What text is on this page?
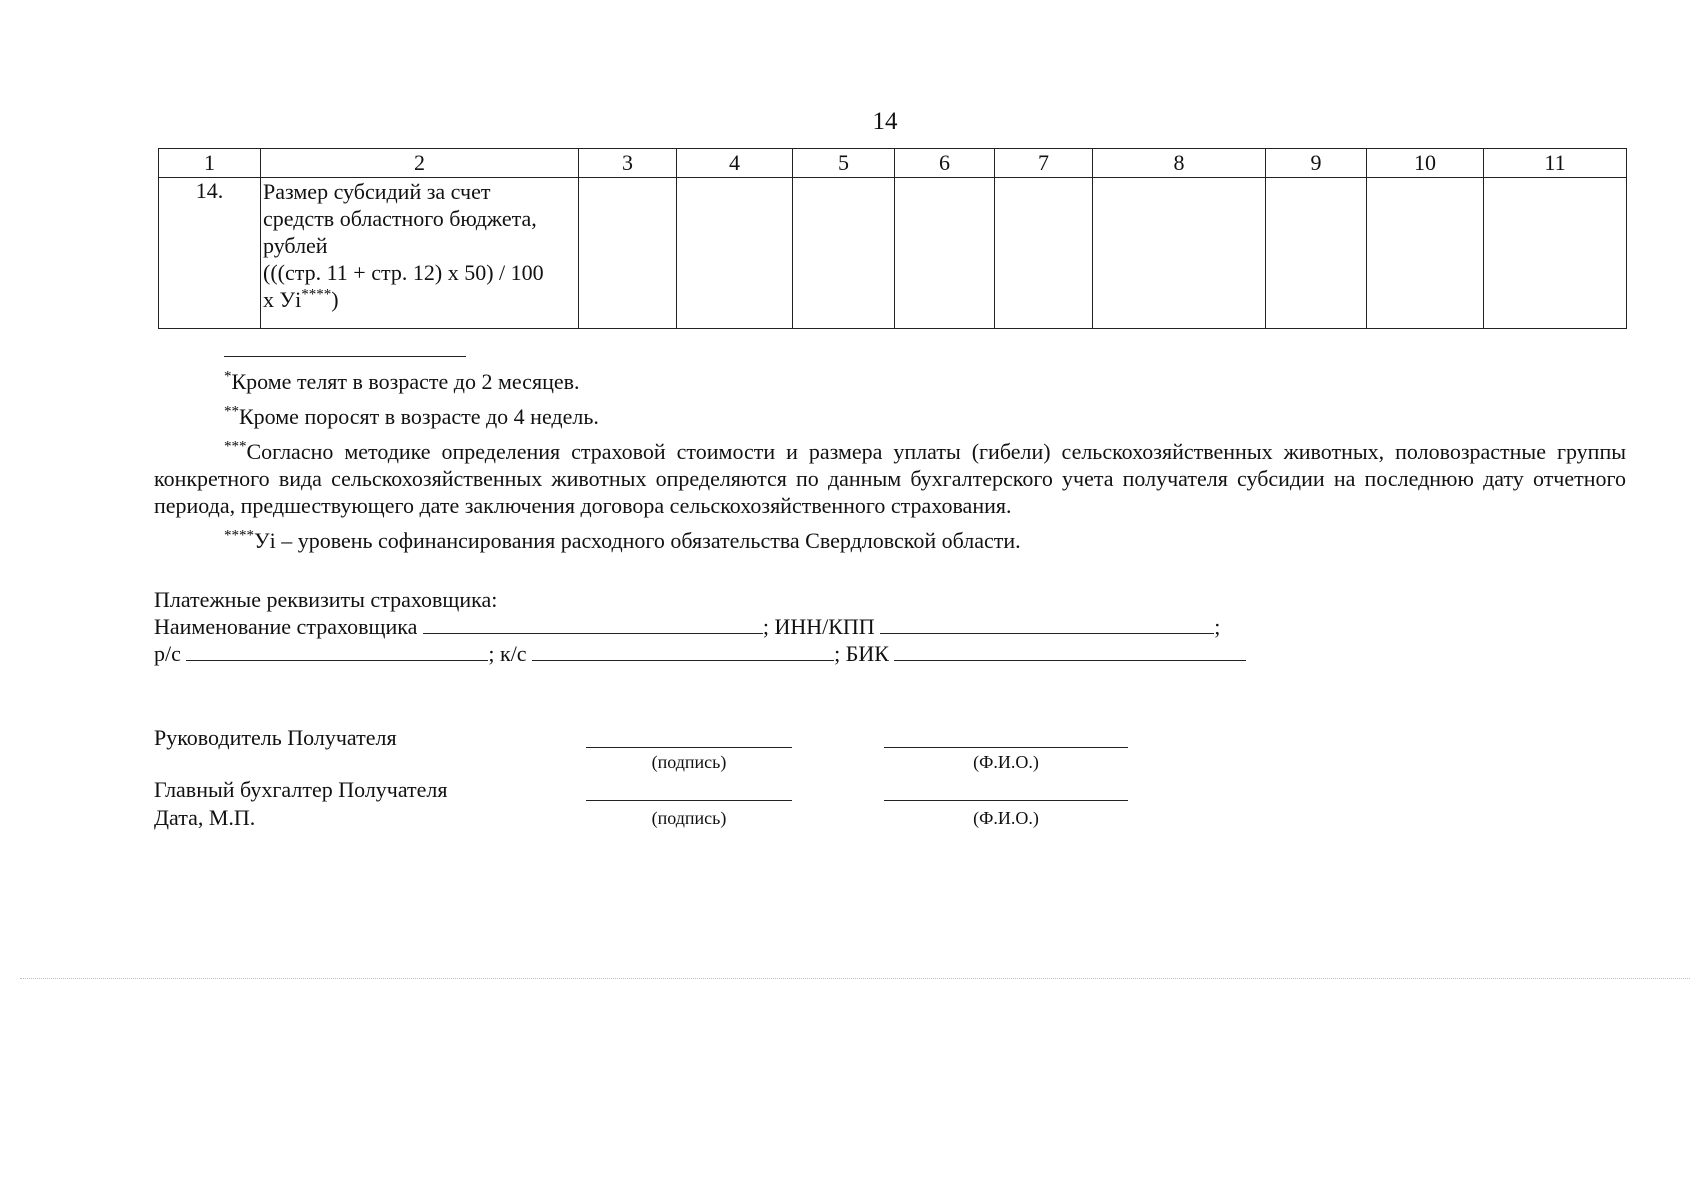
14
1	2	3	4	5	6	7	8	9	10	11
14.	Размер субсидий за счет
средств областного бюджета,
рублей
(((стр. 11 + стр. 12) x 50) / 100
х Уi****)									

*Кроме телят в возрасте до 2 месяцев.

**Кроме поросят в возрасте до 4 недель.

***Согласно методике определения страховой стоимости и размера уплаты (гибели) сельскохозяйственных животных, половозрастные группы конкретного вида сельскохозяйственных животных определяются по данным бухгалтерского учета получателя субсидии на последнюю дату отчетного периода, предшествующего дате заключения договора сельскохозяйственного страхования.

****Уi – уровень софинансирования расходного обязательства Свердловской области.

Платежные реквизиты страховщика:
Наименование страховщика	; ИНН/КПП	;
р/с	; к/с	; БИК
Руководитель Получателя
(подпись)	(Ф.И.О.)
Главный бухгалтер Получателя
Дата, М.П.	(подпись)	(Ф.И.О.)
